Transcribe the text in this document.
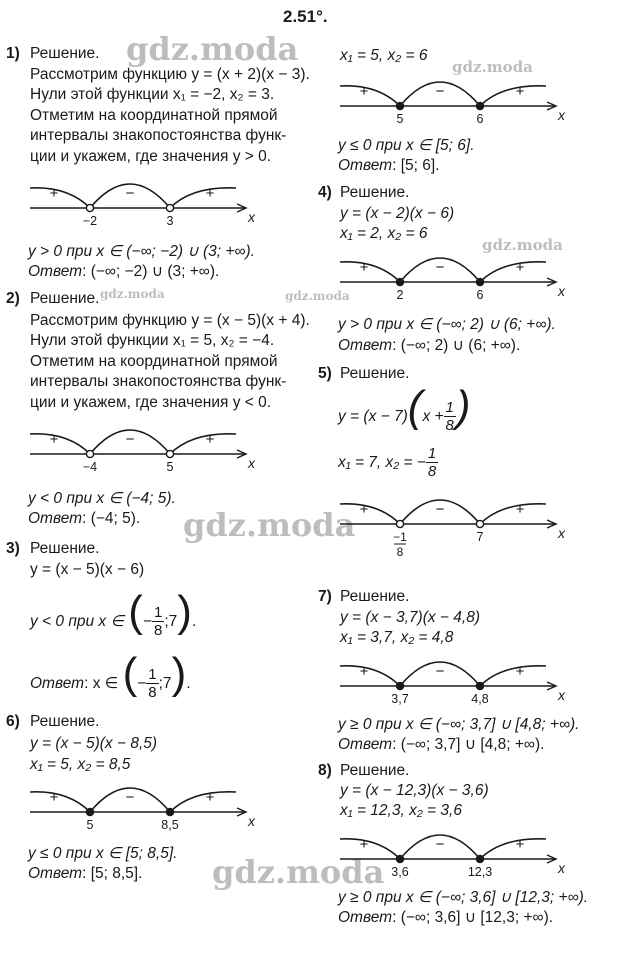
2.51°.
gdz.moda	gdz.moda
gdz.moda
gdz.moda	gdz.moda
gdz.moda
gdz.moda
1) Решение.
Рассмотрим функцию y = (x + 2)(x − 3).
Нули этой функции x₁ = −2, x₂ = 3.
Отметим на координатной прямой
интервалы знакопостоянства функ-
ции и укажем, где значения y > 0.
x
+	−	+
−2	3
y > 0 при x ∈ (−∞; −2) ∪ (3; +∞).
Ответ: (−∞; −2) ∪ (3; +∞).
2) Решение.
Рассмотрим функцию y = (x − 5)(x + 4).
Нули этой функции x₁ = 5, x₂ = −4.
Отметим на координатной прямой
интервалы знакопостоянства функ-
ции и укажем, где значения y < 0.
x
+	−	+
−4	5
y < 0 при x ∈ (−4; 5).
Ответ: (−4; 5).
3) Решение.
y = (x − 5)(x − 6)
y < 0 при x ∈ (− $\frac{1}{8}$ ;7).
Ответ: x ∈ (− $\frac{1}{8}$ ;7).
6) Решение.
y = (x − 5)(x − 8,5)
x₁ = 5, x₂ = 8,5
x
+	−	+
5	8,5
y ≤ 0 при x ∈ [5; 8,5].
Ответ: [5; 8,5].
x₁ = 5, x₂ = 6
x
+	−	+
5	6
y ≤ 0 при x ∈ [5; 6].
Ответ: [5; 6].
4) Решение.
y = (x − 2)(x − 6)
x₁ = 2, x₂ = 6
x
+	−	+
2	6
y > 0 при x ∈ (−∞; 2) ∪ (6; +∞).
Ответ: (−∞; 2) ∪ (6; +∞).
5) Решение.
$y = (x - 7)(x + \frac{1}{8}$ )
x₁ = 7, x₂ = − $\frac{1}{8}$
x
+	−	+
−1
8
7
7) Решение.
y = (x − 3,7)(x − 4,8)
x₁ = 3,7, x₂ = 4,8
x
+	−	+
3,7	4,8
y ≥ 0 при x ∈ (−∞; 3,7] ∪ [4,8; +∞).
Ответ: (−∞; 3,7] ∪ [4,8; +∞).
8) Решение.
y = (x − 12,3)(x − 3,6)
x₁ = 12,3, x₂ = 3,6
x
+	−	+
3,6	12,3
y ≥ 0 при x ∈ (−∞; 3,6] ∪ [12,3; +∞).
Ответ: (−∞; 3,6] ∪ [12,3; +∞).
